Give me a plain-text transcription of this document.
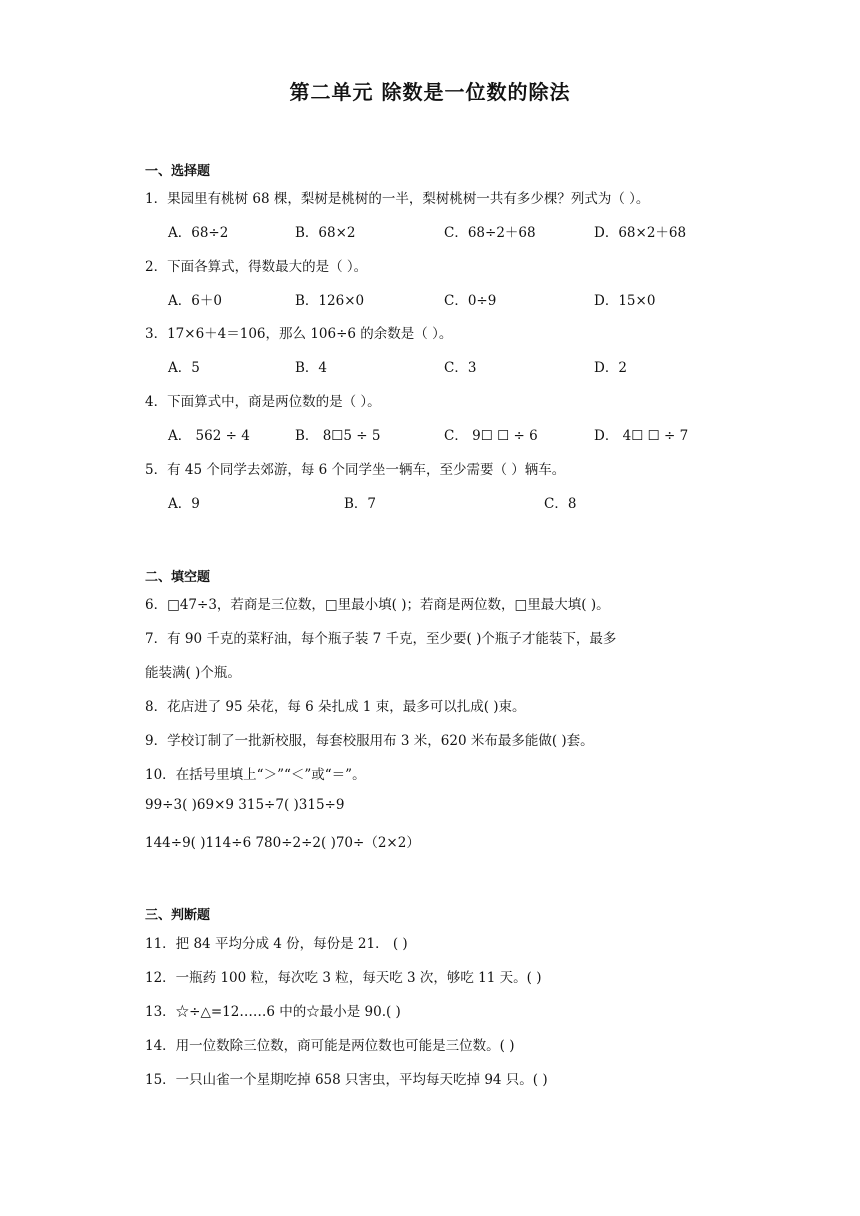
第二单元 除数是一位数的除法
一、选择题
1．果园里有桃树 68 棵，梨树是桃树的一半，梨树桃树一共有多少棵？列式为（ ）。
A．68÷2	B．68×2	C．68÷2＋68	D．68×2＋68
2．下面各算式，得数最大的是（ ）。
A．6＋0	B．126×0	C．0÷9	D．15×0
3．17×6＋4＝106，那么 106÷6 的余数是（ ）。
A．5	B．4	C．3	D．2
4．下面算式中，商是两位数的是（ ）。
A． 562 ÷ 4	B． 8☐5 ÷ 5	C． 9☐ ☐ ÷ 6	D． 4☐ ☐ ÷ 7
5．有 45 个同学去郊游，每 6 个同学坐一辆车，至少需要（ ）辆车。
A．9	B．7	C．8
二、填空题
6．□47÷3，若商是三位数，□里最小填( )；若商是两位数，□里最大填( )。
7．有 90 千克的菜籽油，每个瓶子装 7 千克，至少要( )个瓶子才能装下，最多
能装满( )个瓶。
8．花店进了 95 朵花，每 6 朵扎成 1 束，最多可以扎成( )束。
9．学校订制了一批新校服，每套校服用布 3 米，620 米布最多能做( )套。
10．在括号里填上“＞”“＜”或“＝”。
99÷3( )69×9 315÷7( )315÷9
144÷9( )114÷6 780÷2÷2( )70÷（2×2）
三、判断题
11．把 84 平均分成 4 份，每份是 21． ( )
12．一瓶药 100 粒，每次吃 3 粒，每天吃 3 次，够吃 11 天。( )
13．☆÷△=12……6 中的☆最小是 90.( )
14．用一位数除三位数，商可能是两位数也可能是三位数。( )
15．一只山雀一个星期吃掉 658 只害虫，平均每天吃掉 94 只。( )
